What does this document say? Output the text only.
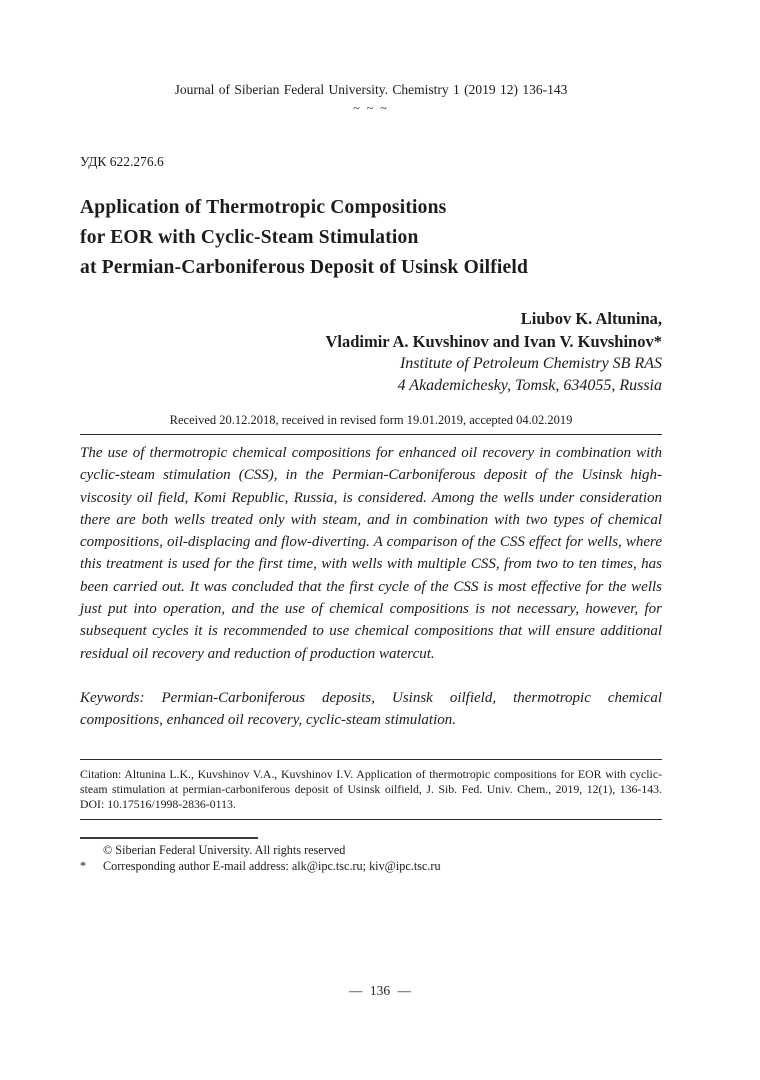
Journal of Siberian Federal University. Chemistry 1 (2019 12) 136-143
~ ~ ~
УДК 622.276.6
Application of Thermotropic Compositions
for EOR with Cyclic-Steam Stimulation
at Permian-Carboniferous Deposit of Usinsk Oilfield
Liubov K. Altunina,
Vladimir A. Kuvshinov and Ivan V. Kuvshinov*
Institute of Petroleum Chemistry SB RAS
4 Akademichesky, Tomsk, 634055, Russia
Received 20.12.2018, received in revised form 19.01.2019, accepted 04.02.2019
The use of thermotropic chemical compositions for enhanced oil recovery in combination with cyclic-steam stimulation (CSS), in the Permian-Carboniferous deposit of the Usinsk high-viscosity oil field, Komi Republic, Russia, is considered. Among the wells under consideration there are both wells treated only with steam, and in combination with two types of chemical compositions, oil-displacing and flow-diverting. A comparison of the CSS effect for wells, where this treatment is used for the first time, with wells with multiple CSS, from two to ten times, has been carried out. It was concluded that the first cycle of the CSS is most effective for the wells just put into operation, and the use of chemical compositions is not necessary, however, for subsequent cycles it is recommended to use chemical compositions that will ensure additional residual oil recovery and reduction of production watercut.
Keywords: Permian-Carboniferous deposits, Usinsk oilfield, thermotropic chemical compositions, enhanced oil recovery, cyclic-steam stimulation.
Citation: Altunina L.K., Kuvshinov V.A., Kuvshinov I.V. Application of thermotropic compositions for EOR with cyclic-steam stimulation at permian-carboniferous deposit of Usinsk oilfield, J. Sib. Fed. Univ. Chem., 2019, 12(1), 136-143. DOI: 10.17516/1998-2836-0113.
© Siberian Federal University. All rights reserved
*	Corresponding author E-mail address: alk@ipc.tsc.ru; kiv@ipc.tsc.ru
— 136 —
